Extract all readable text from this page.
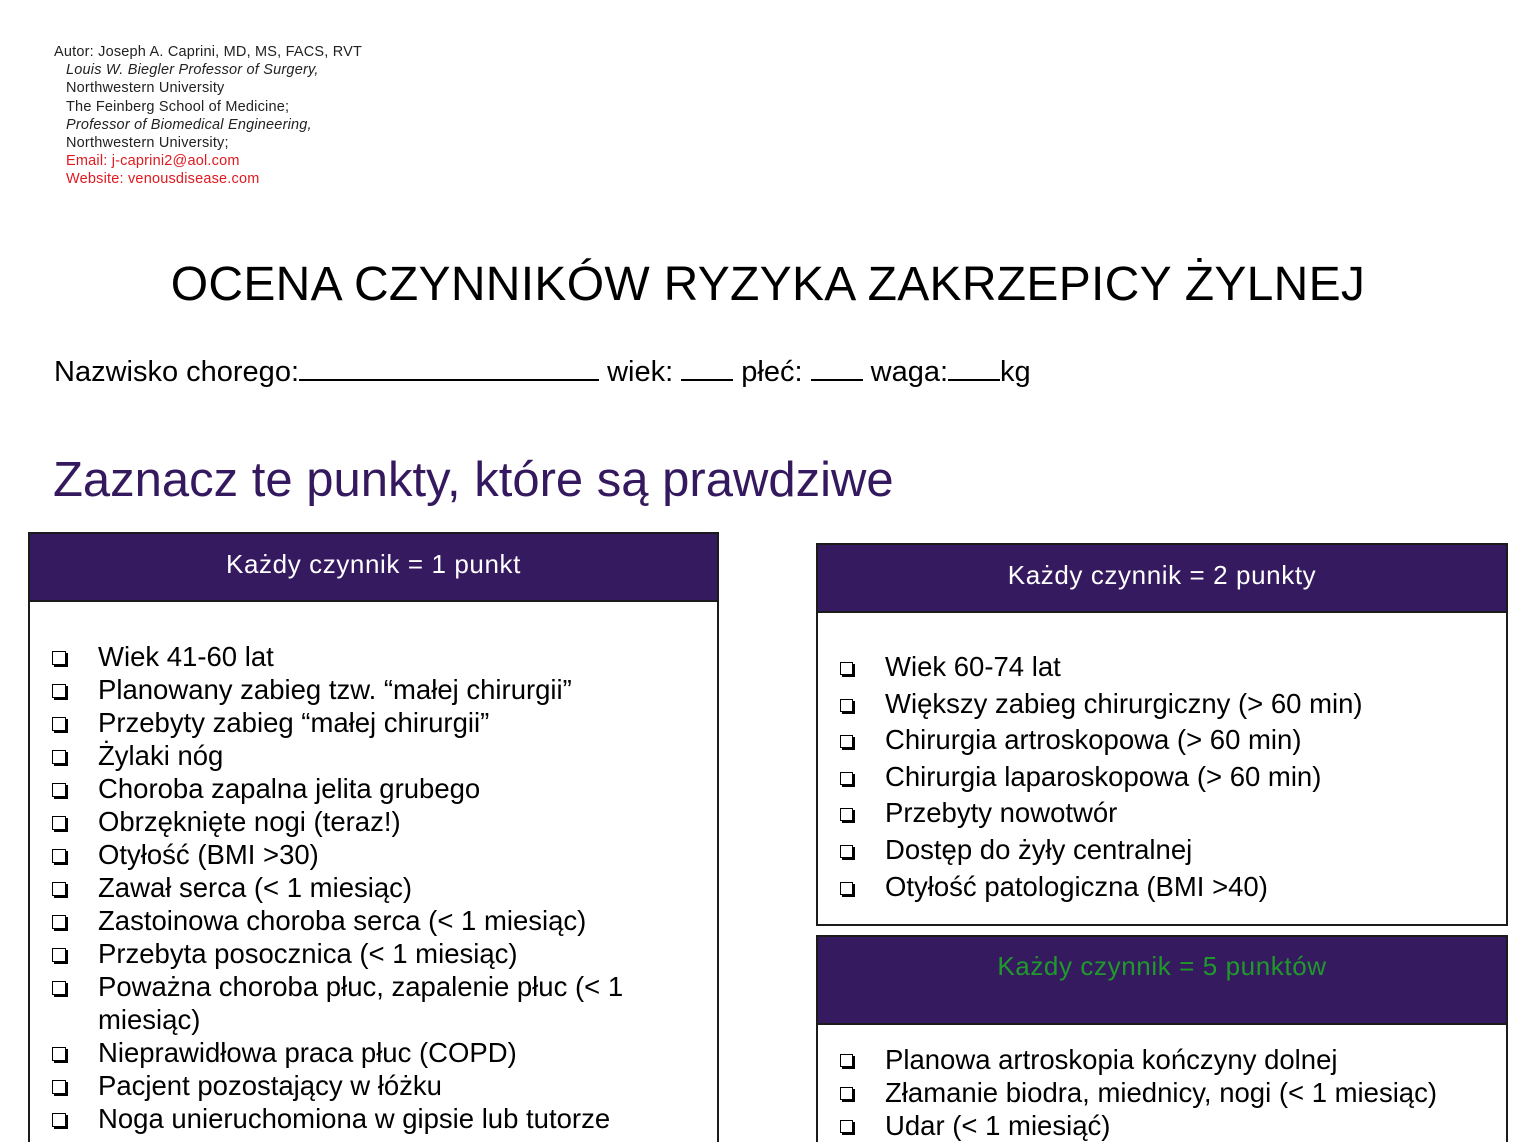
Autor: Joseph A. Caprini, MD, MS, FACS, RVT
Louis W. Biegler Professor of Surgery,
Northwestern University
The Feinberg School of Medicine;
Professor of Biomedical Engineering,
Northwestern University;
Email: j-caprini2@aol.com
Website: venousdisease.com
OCENA CZYNNIKÓW RYZYKA ZAKRZEPICY ŻYLNEJ
Nazwisko chorego:	wiek: płeć: waga: kg
Zaznacz te punkty, które są prawdziwe
Każdy czynnik = 1 punkt
Wiek 41-60 lat
Planowany zabieg tzw. “małej chirurgii”
Przebyty zabieg “małej chirurgii”
Żylaki nóg
Choroba zapalna jelita grubego
Obrzęknięte nogi (teraz!)
Otyłość (BMI >30)
Zawał serca (< 1 miesiąc)
Zastoinowa choroba serca (< 1 miesiąc)
Przebyta posocznica (< 1 miesiąc)
Poważna choroba płuc, zapalenie płuc (< 1 miesiąc)
Nieprawidłowa praca płuc (COPD)
Pacjent pozostający w łóżku
Noga unieruchomiona w gipsie lub tutorze
Każdy czynnik = 2 punkty
Wiek 60-74 lat
Większy zabieg chirurgiczny (> 60 min)
Chirurgia artroskopowa (> 60 min)
Chirurgia laparoskopowa (> 60 min)
Przebyty nowotwór
Dostęp do żyły centralnej
Otyłość patologiczna (BMI >40)
Każdy czynnik = 5 punktów
Planowa artroskopia kończyny dolnej
Złamanie biodra, miednicy, nogi (< 1 miesiąc)
Udar (< 1 miesiąć)
